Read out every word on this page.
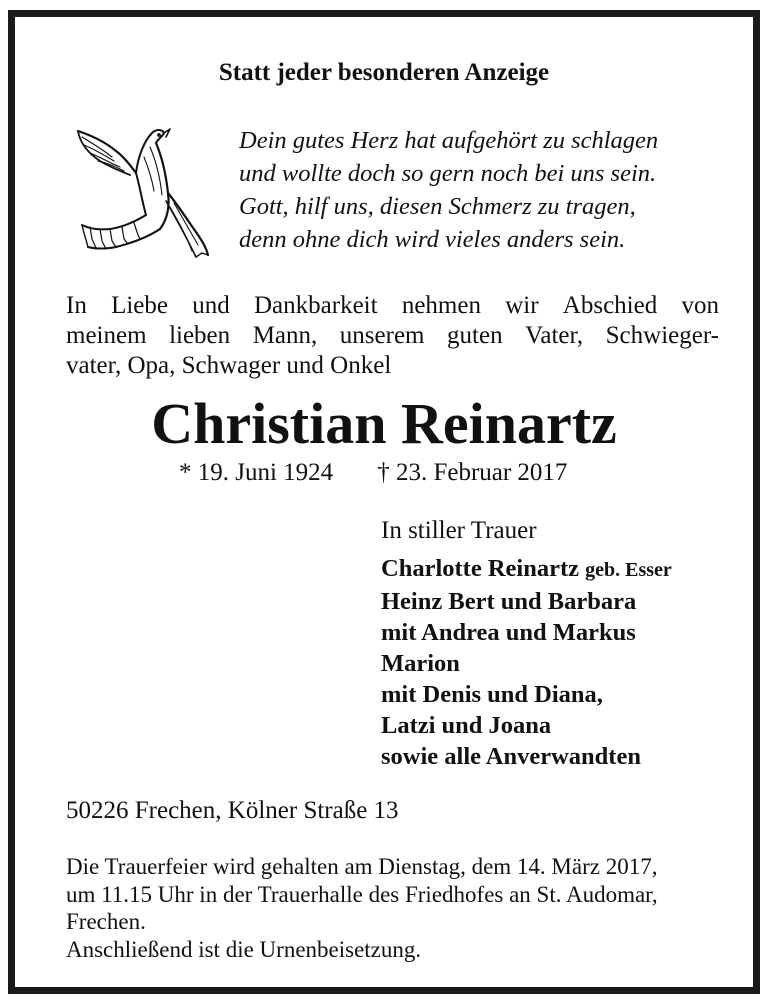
Statt jeder besonderen Anzeige
Dein gutes Herz hat aufgehört zu schlagen
und wollte doch so gern noch bei uns sein.
Gott, hilf uns, diesen Schmerz zu tragen,
denn ohne dich wird vieles anders sein.
In Liebe und Dankbarkeit nehmen wir Abschied von
meinem lieben Mann, unserem guten Vater, Schwieger-
vater, Opa, Schwager und Onkel
Christian Reinartz
* 19. Juni 1924 † 23. Februar 2017
In stiller Trauer
Charlotte Reinartz geb. Esser
Heinz Bert und Barbara
mit Andrea und Markus
Marion
mit Denis und Diana,
Latzi und Joana
sowie alle Anverwandten
50226 Frechen, Kölner Straße 13
Die Trauerfeier wird gehalten am Dienstag, dem 14. März 2017,
um 11.15 Uhr in der Trauerhalle des Friedhofes an St. Audomar,
Frechen.
Anschließend ist die Urnenbeisetzung.
